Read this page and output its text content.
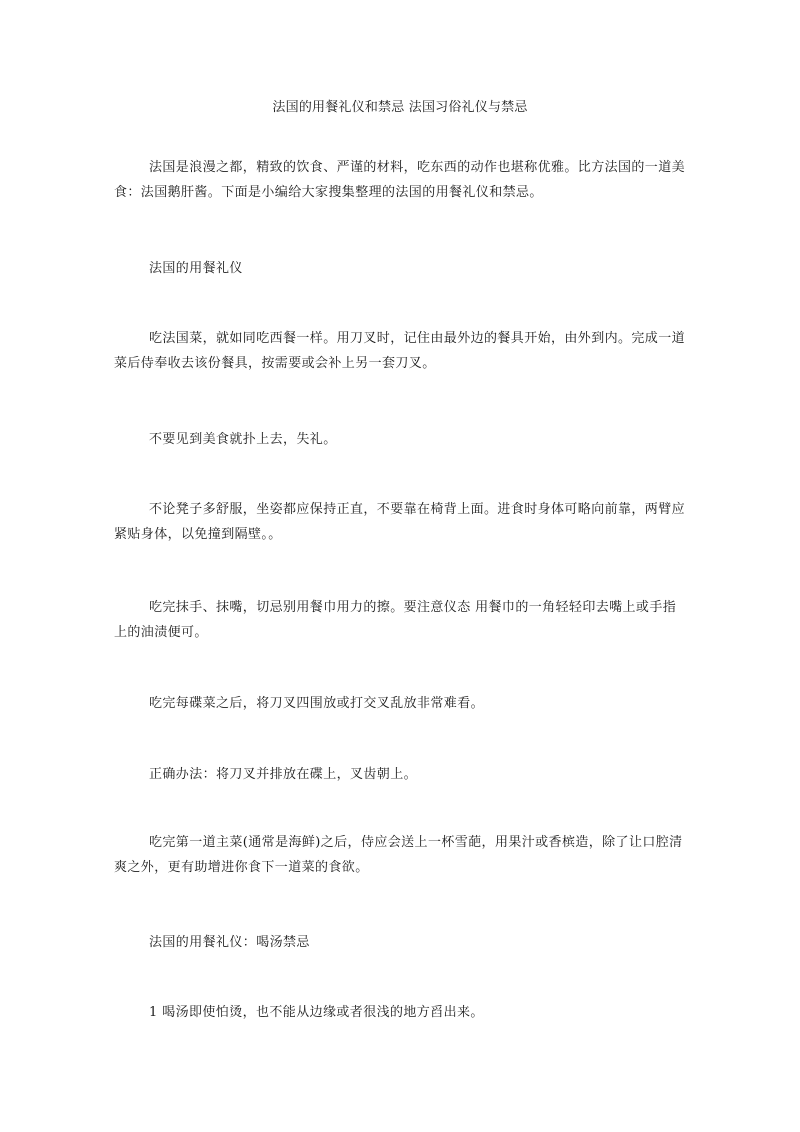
法国的用餐礼仪和禁忌 法国习俗礼仪与禁忌

法国是浪漫之都，精致的饮食、严谨的材料，吃东西的动作也堪称优雅。比方法国的一道美食：法国鹅肝酱。下面是小编给大家搜集整理的法国的用餐礼仪和禁忌。

法国的用餐礼仪

吃法国菜，就如同吃西餐一样。用刀叉时，记住由最外边的餐具开始，由外到内。完成一道菜后侍奉收去该份餐具，按需要或会补上另一套刀叉。

不要见到美食就扑上去，失礼。

不论凳子多舒服，坐姿都应保持正直，不要靠在椅背上面。进食时身体可略向前靠，两臂应紧贴身体，以免撞到隔壁。。

吃完抹手、抹嘴，切忌别用餐巾用力的擦。要注意仪态 用餐巾的一角轻轻印去嘴上或手指上的油渍便可。

吃完每碟菜之后，将刀叉四围放或打交叉乱放非常难看。

正确办法：将刀叉并排放在碟上，叉齿朝上。

吃完第一道主菜(通常是海鲜)之后，侍应会送上一杯雪葩，用果汁或香槟造，除了让口腔清爽之外，更有助增进你食下一道菜的食欲。

法国的用餐礼仪：喝汤禁忌

1 喝汤即使怕烫，也不能从边缘或者很浅的地方舀出来。
